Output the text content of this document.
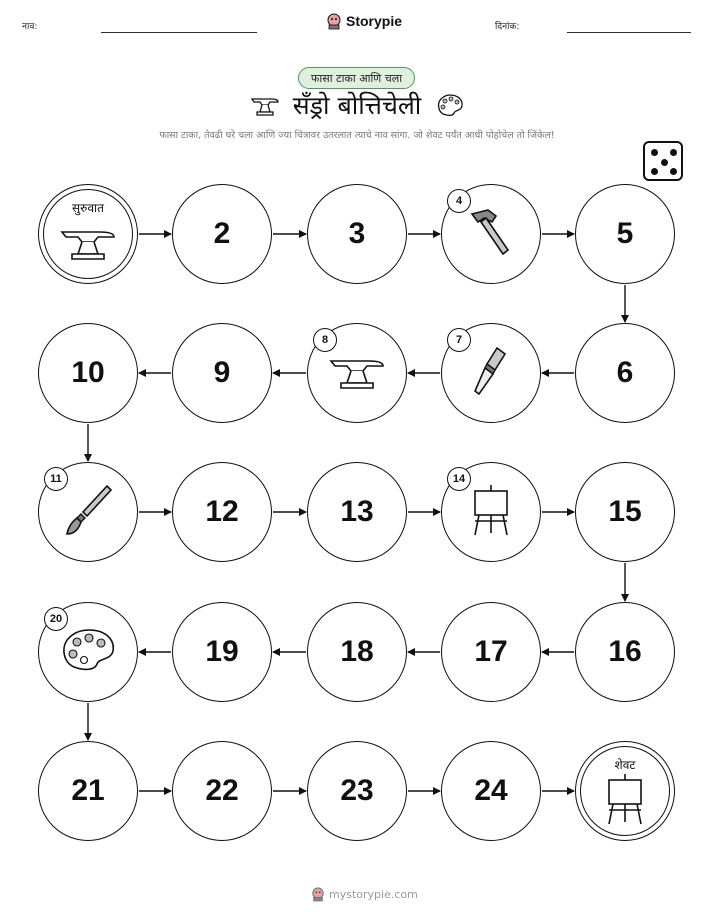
नाव:	Storypie	दिनांक:
फासा टाका आणि चला
सँड्रो बोत्तिचेली
फासा टाका, तेवढी घरे चला आणि ज्या चित्रावर उतरलात त्याचे नाव सांगा. जो शेवट पर्यंत आधी पोहोचेल तो जिंकेल!
सुरुवात
2	3
4
5
6
7
8
9
10
11
12	13
14
15
16
17
18
19
20
21	22	23	24
शेवट
mystorypie.com
